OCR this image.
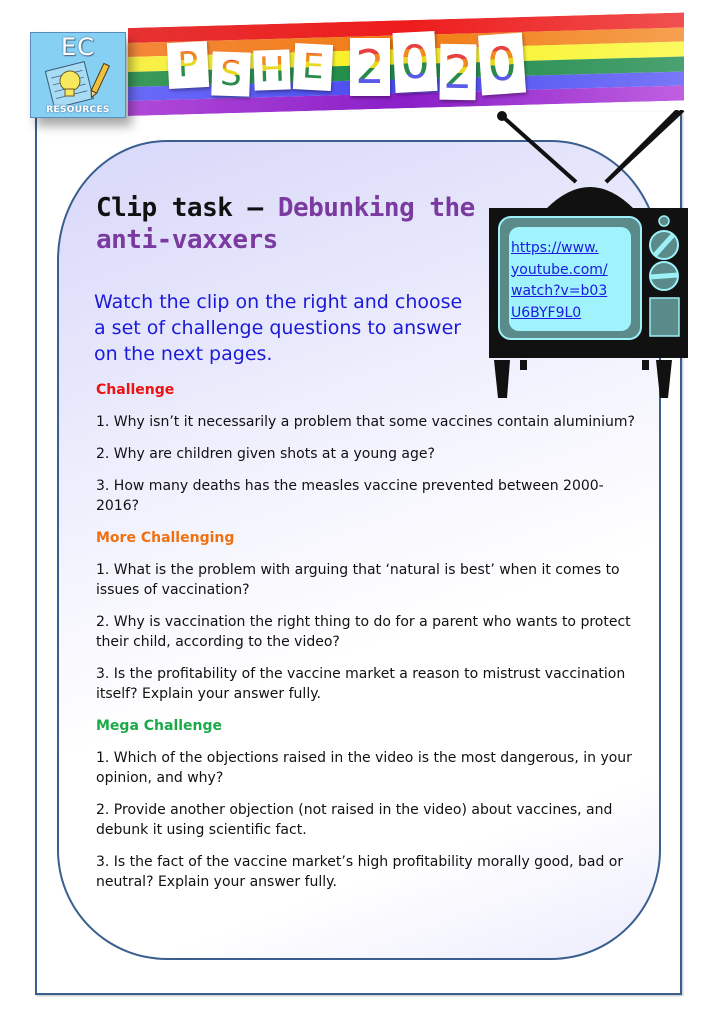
P S H E 2 0 2 0
EC
RESOURCES
Clip task – Debunking the anti-vaxxers
Watch the clip on the right and choose a set of challenge questions to answer on the next pages.
https://www.
youtube.com/
watch?v=b03
U6BYF9L0
Challenge
1. Why isn’t it necessarily a problem that some vaccines contain aluminium?
2. Why are children given shots at a young age?
3. How many deaths has the measles vaccine prevented between 2000-2016?
More Challenging
1. What is the problem with arguing that ‘natural is best’ when it comes to issues of vaccination?
2. Why is vaccination the right thing to do for a parent who wants to protect their child, according to the video?
3. Is the profitability of the vaccine market a reason to mistrust vaccination itself? Explain your answer fully.
Mega Challenge
1. Which of the objections raised in the video is the most dangerous, in your opinion, and why?
2. Provide another objection (not raised in the video) about vaccines, and debunk it using scientific fact.
3. Is the fact of the vaccine market’s high profitability morally good, bad or neutral? Explain your answer fully.
